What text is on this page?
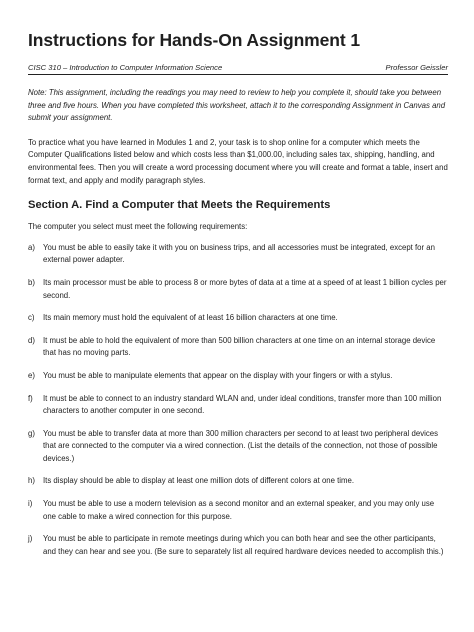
Instructions for Hands-On Assignment 1
CISC 310 – Introduction to Computer Information Science	Professor Geissler

Note: This assignment, including the readings you may need to review to help you complete it, should take you between three and five hours. When you have completed this worksheet, attach it to the corresponding Assignment in Canvas and submit your assignment.

To practice what you have learned in Modules 1 and 2, your task is to shop online for a computer which meets the Computer Qualifications listed below and which costs less than $1,000.00, including sales tax, shipping, handling, and environmental fees. Then you will create a word processing document where you will create and format a table, insert and format text, and apply and modify paragraph styles.

Section A. Find a Computer that Meets the Requirements

The computer you select must meet the following requirements:

a)	You must be able to easily take it with you on business trips, and all accessories must be integrated, except for an external power adapter.
b)	Its main processor must be able to process 8 or more bytes of data at a time at a speed of at least 1 billion cycles per second.
c)	Its main memory must hold the equivalent of at least 16 billion characters at one time.
d)	It must be able to hold the equivalent of more than 500 billion characters at one time on an internal storage device that has no moving parts.
e)	You must be able to manipulate elements that appear on the display with your fingers or with a stylus.
f)	It must be able to connect to an industry standard WLAN and, under ideal conditions, transfer more than 100 million characters to another computer in one second.
g)	You must be able to transfer data at more than 300 million characters per second to at least two peripheral devices that are connected to the computer via a wired connection. (List the details of the connection, not those of possible devices.)
h)	Its display should be able to display at least one million dots of different colors at one time.
i)	You must be able to use a modern television as a second monitor and an external speaker, and you may only use one cable to make a wired connection for this purpose.
j)	You must be able to participate in remote meetings during which you can both hear and see the other participants, and they can hear and see you. (Be sure to separately list all required hardware devices needed to accomplish this.)
